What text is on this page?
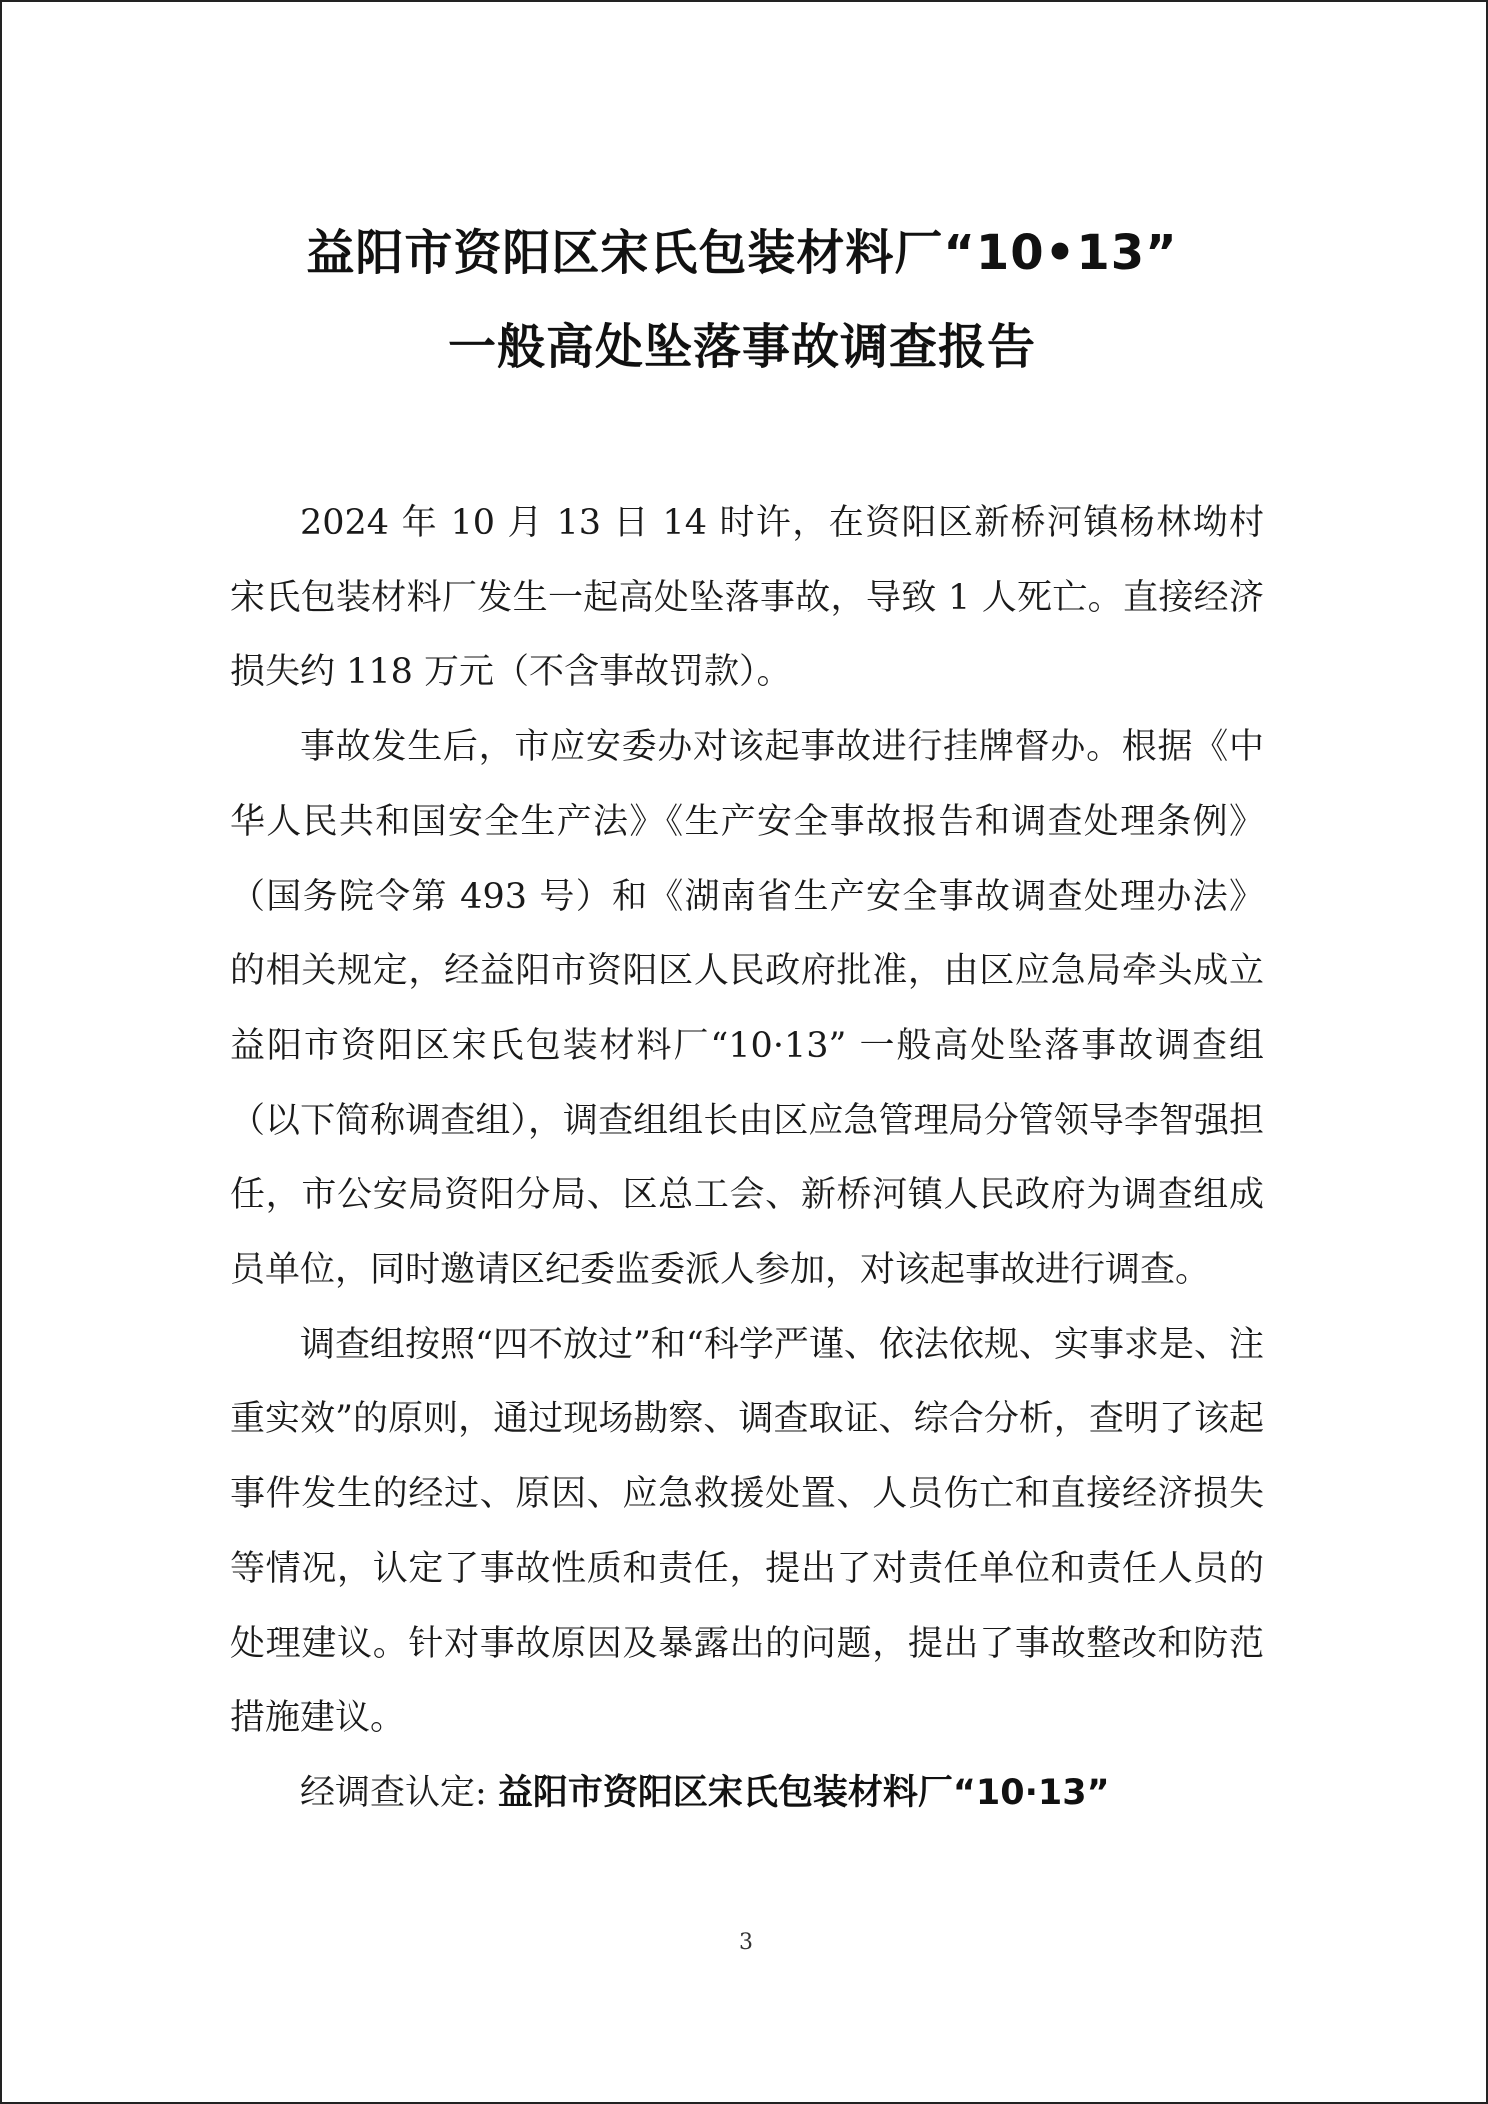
益阳市资阳区宋氏包装材料厂“10•13”
一般高处坠落事故调查报告

2024 年 10 月 13 日 14 时许，在资阳区新桥河镇杨林坳村宋氏包装材料厂发生一起高处坠落事故，导致 1 人死亡。直接经济损失约 118 万元（不含事故罚款）。

事故发生后，市应安委办对该起事故进行挂牌督办。根据《中华人民共和国安全生产法》《生产安全事故报告和调查处理条例》（国务院令第 493 号）和《湖南省生产安全事故调查处理办法》的相关规定，经益阳市资阳区人民政府批准，由区应急局牵头成立益阳市资阳区宋氏包装材料厂“10·13” 一般高处坠落事故调查组（以下简称调查组），调查组组长由区应急管理局分管领导李智强担任，市公安局资阳分局、区总工会、新桥河镇人民政府为调查组成员单位，同时邀请区纪委监委派人参加，对该起事故进行调查。

调查组按照“四不放过”和“科学严谨、依法依规、实事求是、注重实效”的原则，通过现场勘察、调查取证、综合分析，查明了该起事件发生的经过、原因、应急救援处置、人员伤亡和直接经济损失等情况，认定了事故性质和责任，提出了对责任单位和责任人员的处理建议。针对事故原因及暴露出的问题，提出了事故整改和防范措施建议。

经调查认定: 益阳市资阳区宋氏包装材料厂“10·13”

3
